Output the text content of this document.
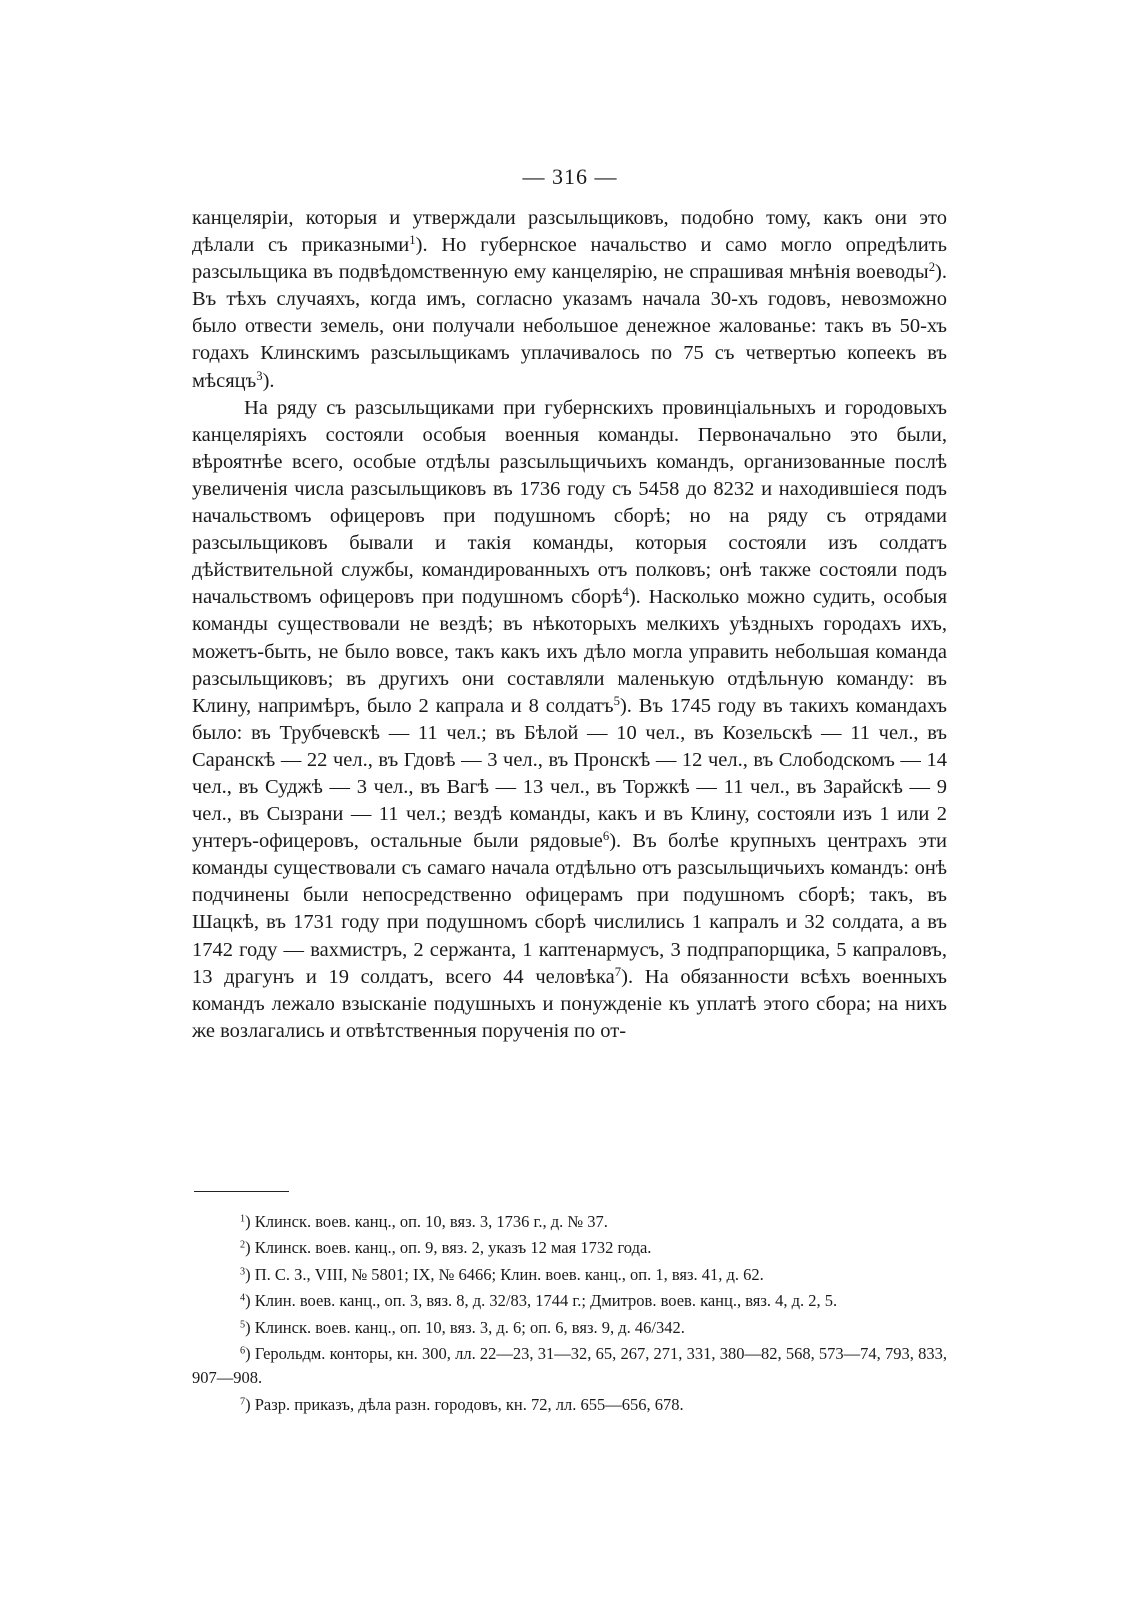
— 316 —

канцелярiи, которыя и утверждали разсыльщиковъ, подобно тому, какъ они это дѣлали съ приказными$^1$). Но губернское начальство и само могло опредѣлить разсыльщика въ подвѣдомственную ему канцелярiю, не спрашивая мнѣнiя воеводы$^2$). Въ тѣхъ случаяхъ, когда имъ, согласно указамъ начала 30-хъ годовъ, невозможно было отвести земель, они получали небольшое денежное жалованье: такъ въ 50-хъ годахъ Клинскимъ разсыльщикамъ уплачивалось по 75 съ четвертью копеекъ въ мѣсяцъ$^3$).

На ряду съ разсыльщиками при губернскихъ провинцiальныхъ и городовыхъ канцелярiяхъ состояли особыя военныя команды. Первоначально это были, вѣроятнѣе всего, особые отдѣлы разсыльщичьихъ командъ, организованные послѣ увеличенiя числа разсыльщиковъ въ 1736 году съ 5458 до 8232 и находившiеся подъ начальствомъ офицеровъ при подушномъ сборѣ; но на ряду съ отрядами разсыльщиковъ бывали и такiя команды, которыя состояли изъ солдатъ дѣйствительной службы, командированныхъ отъ полковъ; онѣ также состояли подъ начальствомъ офицеровъ при подушномъ сборѣ$^4$). Насколько можно судить, особыя команды существовали не вездѣ; въ нѣкоторыхъ мелкихъ уѣздныхъ городахъ ихъ, можетъ-быть, не было вовсе, такъ какъ ихъ дѣло могла управить небольшая команда разсыльщиковъ; въ другихъ они составляли маленькую отдѣльную команду: въ Клину, напримѣръ, было 2 капрала и 8 солдатъ$^5$). Въ 1745 году въ такихъ командахъ было: въ Трубчевскѣ — 11 чел.; въ Бѣлой — 10 чел., въ Козельскѣ — 11 чел., въ Саранскѣ — 22 чел., въ Гдовѣ — 3 чел., въ Пронскѣ — 12 чел., въ Слободскомъ — 14 чел., въ Суджѣ — 3 чел., въ Вагѣ — 13 чел., въ Торжкѣ — 11 чел., въ Зарайскѣ — 9 чел., въ Сызрани — 11 чел.; вездѣ команды, какъ и въ Клину, состояли изъ 1 или 2 унтеръ-офицеровъ, остальные были рядовые$^6$). Въ болѣе крупныхъ центрахъ эти команды существовали съ самаго начала отдѣльно отъ разсыльщичьихъ командъ: онѣ подчинены были непосредственно офицерамъ при подушномъ сборѣ; такъ, въ Шацкѣ, въ 1731 году при подушномъ сборѣ числились 1 капралъ и 32 солдата, а въ 1742 году — вахмистръ, 2 сержанта, 1 каптенармусъ, 3 подпрапорщика, 5 капраловъ, 13 драгунъ и 19 солдатъ, всего 44 человѣка$^7$). На обязанности всѣхъ военныхъ командъ лежало взысканiе подушныхъ и понужденiе къ уплатѣ этого сбора; на нихъ же возлагались и отвѣтственныя порученiя по от-

$^1$) Клинск. воев. канц., оп. 10, вяз. 3, 1736 г., д. № 37.

$^2$) Клинск. воев. канц., оп. 9, вяз. 2, указъ 12 мая 1732 года.

$^3$) П. С. З., VIII, № 5801; IX, № 6466; Клин. воев. канц., оп. 1, вяз. 41, д. 62.

$^4$) Клин. воев. канц., оп. 3, вяз. 8, д. 32/83, 1744 г.; Дмитров. воев. канц., вяз. 4, д. 2, 5.

$^5$) Клинск. воев. канц., оп. 10, вяз. 3, д. 6; оп. 6, вяз. 9, д. 46/342.

$^6$) Герольдм. конторы, кн. 300, лл. 22—23, 31—32, 65, 267, 271, 331, 380—82, 568, 573—74, 793, 833, 907—908.

$^7$) Разр. приказъ, дѣла разн. городовъ, кн. 72, лл. 655—656, 678.
